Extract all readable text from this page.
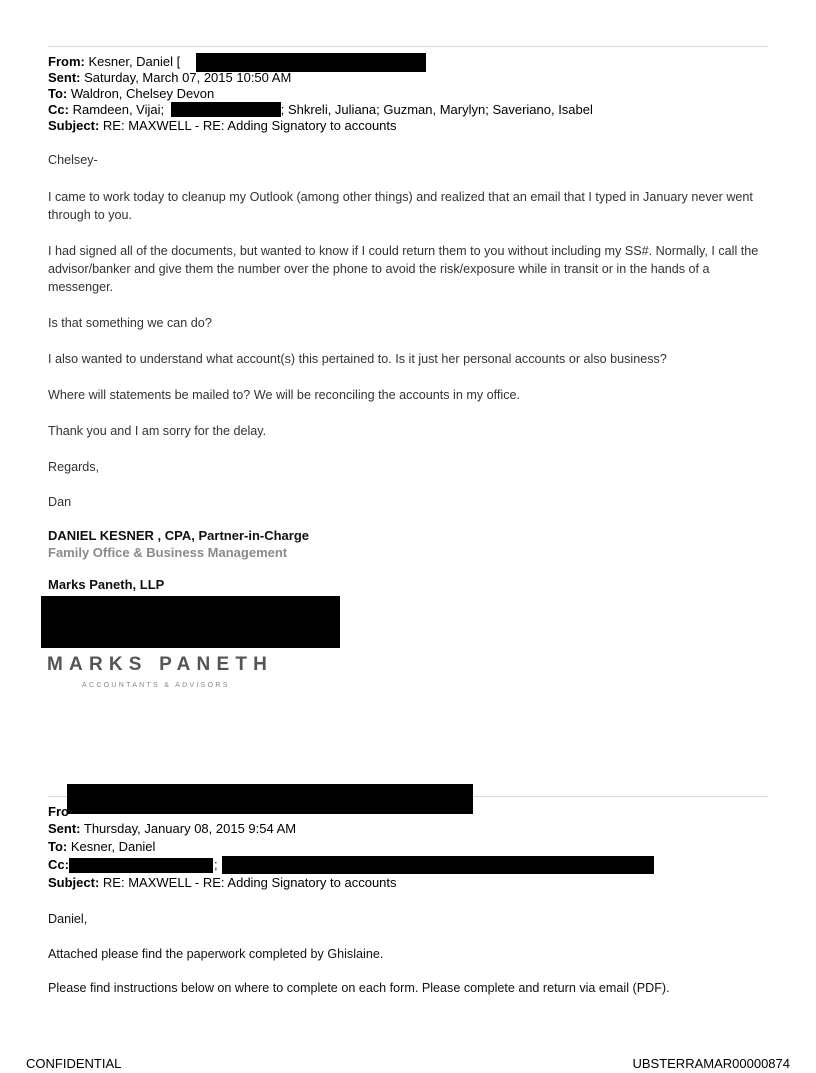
From: Kesner, Daniel [
Sent: Saturday, March 07, 2015 10:50 AM
To: Waldron, Chelsey Devon
Cc: Ramdeen, Vijai;	; Shkreli, Juliana; Guzman, Marylyn; Saveriano, Isabel
Subject: RE: MAXWELL - RE: Adding Signatory to accounts
Chelsey-
I came to work today to cleanup my Outlook (among other things) and realized that an email that I typed in January never went through to you.
I had signed all of the documents, but wanted to know if I could return them to you without including my SS#. Normally, I call the advisor/banker and give them the number over the phone to avoid the risk/exposure while in transit or in the hands of a messenger.
Is that something we can do?
I also wanted to understand what account(s) this pertained to. Is it just her personal accounts or also business?
Where will statements be mailed to? We will be reconciling the accounts in my office.
Thank you and I am sorry for the delay.
Regards,
Dan
DANIEL KESNER , CPA, Partner-in-Charge
Family Office & Business Management
Marks Paneth, LLP
MARKS PANETH
ACCOUNTANTS & ADVISORS
Fro
Sent: Thursday, January 08, 2015 9:54 AM
To: Kesner, Daniel
Cc:	;
Subject: RE: MAXWELL - RE: Adding Signatory to accounts
Daniel,
Attached please find the paperwork completed by Ghislaine.
Please find instructions below on where to complete on each form. Please complete and return via email (PDF).
CONFIDENTIAL	UBSTERRAMAR00000874
